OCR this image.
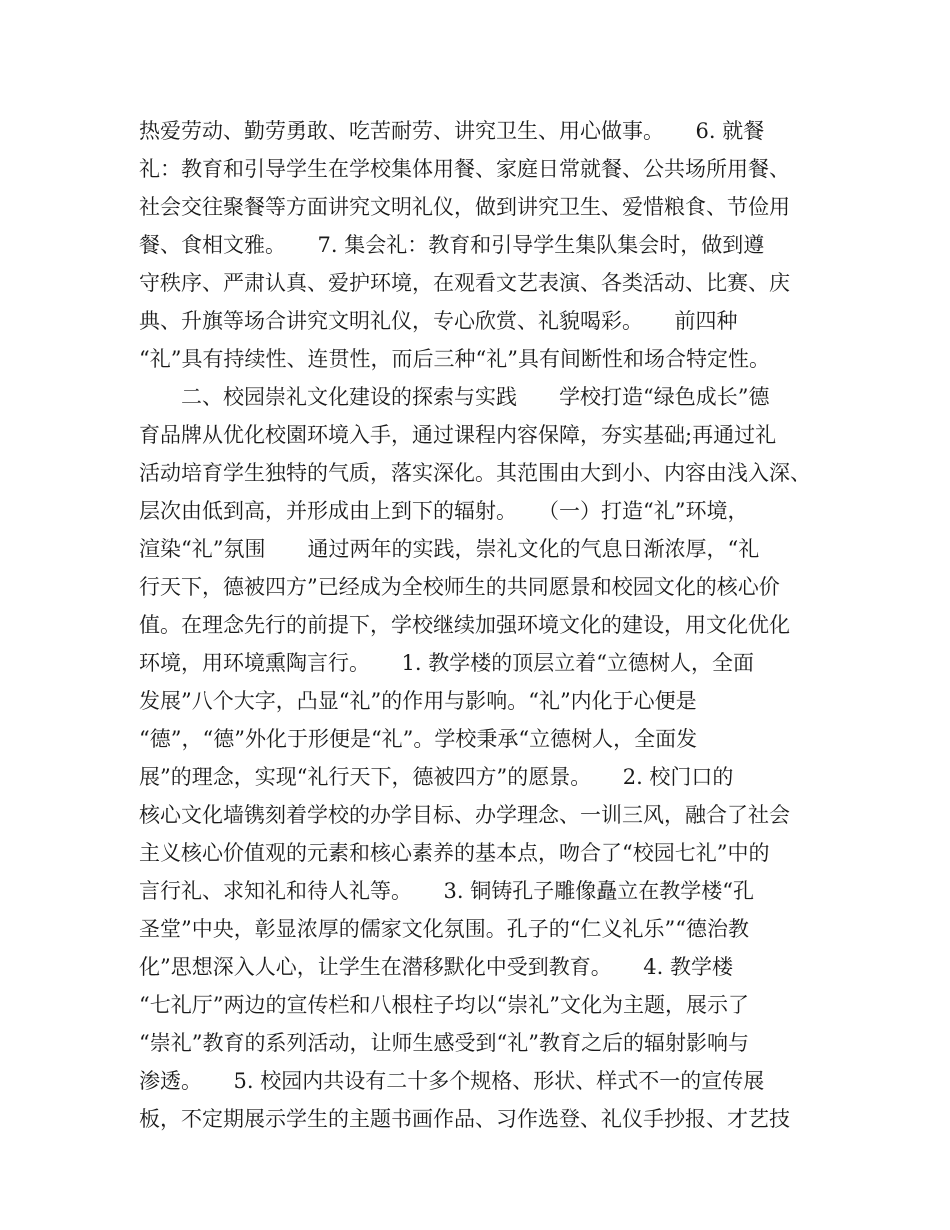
热爱劳动、勤劳勇敢、吃苦耐劳、讲究卫生、用心做事。　　6. 就餐
礼：教育和引导学生在学校集体用餐、家庭日常就餐、公共场所用餐、
社会交往聚餐等方面讲究文明礼仪，做到讲究卫生、爱惜粮食、节俭用
餐、食相文雅。　　7. 集会礼：教育和引导学生集队集会时，做到遵
守秩序、严肃认真、爱护环境，在观看文艺表演、各类活动、比赛、庆
典、升旗等场合讲究文明礼仪，专心欣赏、礼貌喝彩。　　前四种
“礼”具有持续性、连贯性，而后三种“礼”具有间断性和场合特定性。
　　二、校园崇礼文化建设的探索与实践　　学校打造“绿色成长”德
育品牌从优化校園环境入手，通过课程内容保障，夯实基础;再通过礼
活动培育学生独特的气质，落实深化。其范围由大到小、内容由浅入深、
层次由低到高，并形成由上到下的辐射。　　（一）打造“礼”环境，
渲染“礼”氛围　　通过两年的实践，崇礼文化的气息日渐浓厚，“礼
行天下，德被四方”已经成为全校师生的共同愿景和校园文化的核心价
值。在理念先行的前提下，学校继续加强环境文化的建设，用文化优化
环境，用环境熏陶言行。　　1. 教学楼的顶层立着“立德树人，全面
发展”八个大字，凸显“礼”的作用与影响。“礼”内化于心便是
“德”，“德”外化于形便是“礼”。学校秉承“立德树人，全面发
展”的理念，实现“礼行天下，德被四方”的愿景。　　2. 校门口的
核心文化墙镌刻着学校的办学目标、办学理念、一训三风，融合了社会
主义核心价值观的元素和核心素养的基本点，吻合了“校园七礼”中的
言行礼、求知礼和待人礼等。　　3. 铜铸孔子雕像矗立在教学楼“孔
圣堂”中央，彰显浓厚的儒家文化氛围。孔子的“仁义礼乐”“德治教
化”思想深入人心，让学生在潜移默化中受到教育。　　4. 教学楼
“七礼厅”两边的宣传栏和八根柱子均以“崇礼”文化为主题，展示了
“崇礼”教育的系列活动，让师生感受到“礼”教育之后的辐射影响与
渗透。　　5. 校园内共设有二十多个规格、形状、样式不一的宣传展
板，不定期展示学生的主题书画作品、习作选登、礼仪手抄报、才艺技
